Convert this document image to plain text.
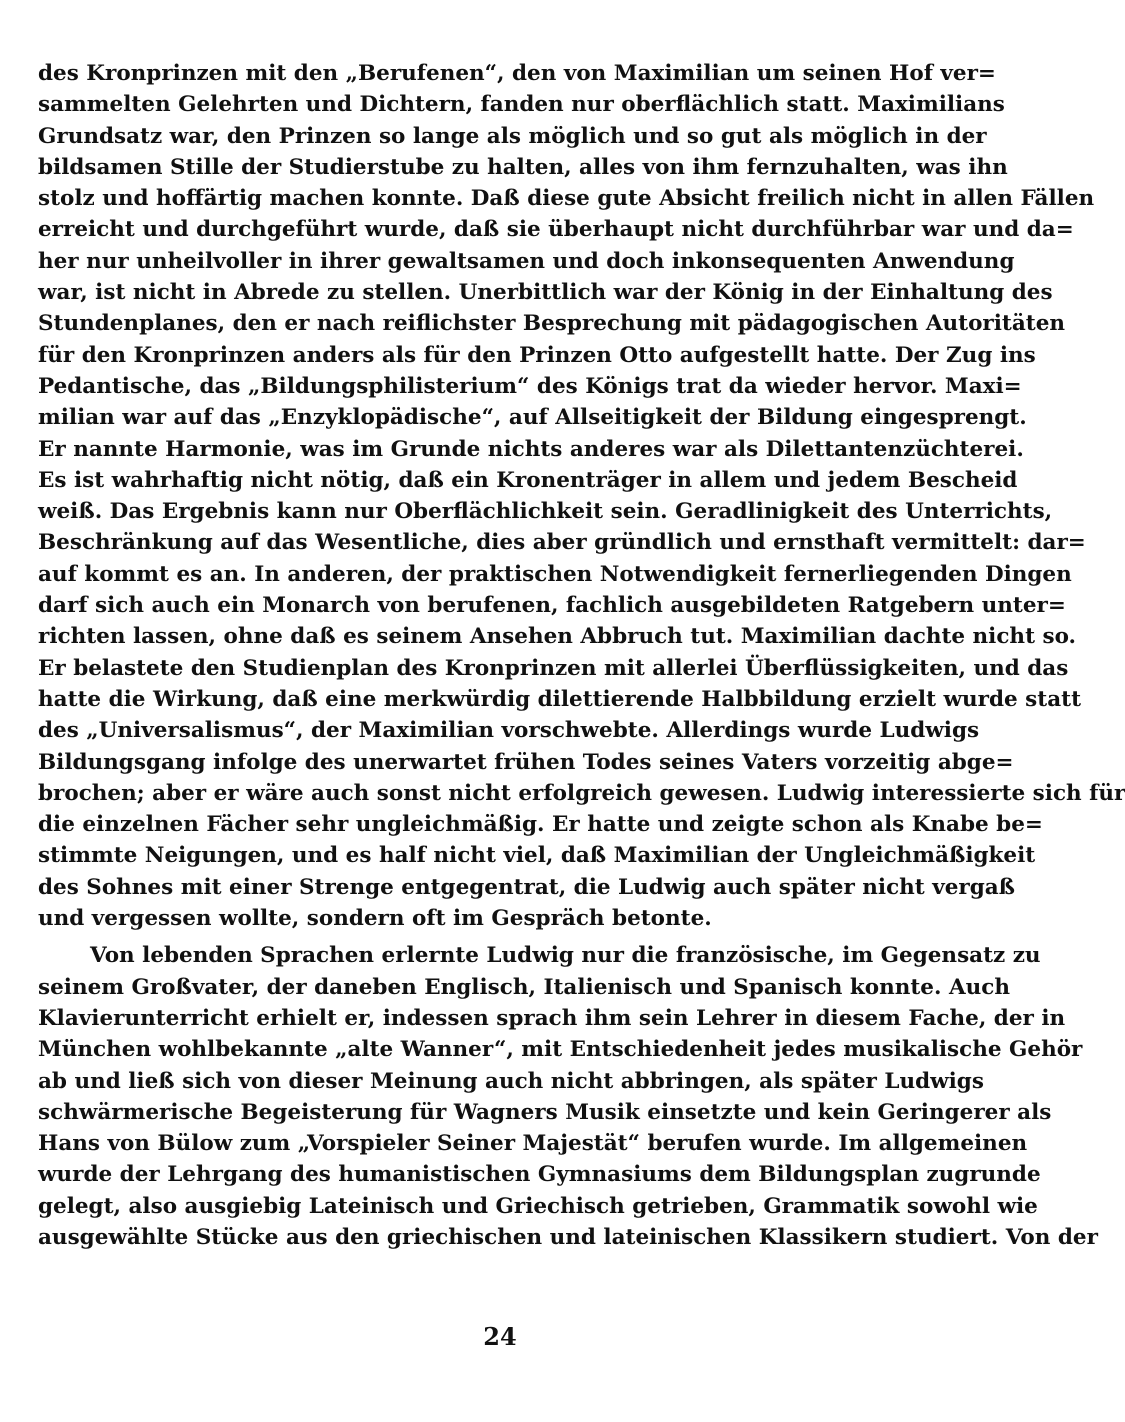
des Kronprinzen mit den „Berufenen“, den von Maximilian um seinen Hof ver=
sammelten Gelehrten und Dichtern, fanden nur oberflächlich statt. Maximilians
Grundsatz war, den Prinzen so lange als möglich und so gut als möglich in der
bildsamen Stille der Studierstube zu halten, alles von ihm fernzuhalten, was ihn
stolz und hoffärtig machen konnte. Daß diese gute Absicht freilich nicht in allen Fällen
erreicht und durchgeführt wurde, daß sie überhaupt nicht durchführbar war und da=
her nur unheilvoller in ihrer gewaltsamen und doch inkonsequenten Anwendung
war, ist nicht in Abrede zu stellen. Unerbittlich war der König in der Einhaltung des
Stundenplanes, den er nach reiflichster Besprechung mit pädagogischen Autoritäten
für den Kronprinzen anders als für den Prinzen Otto aufgestellt hatte. Der Zug ins
Pedantische, das „Bildungsphilisterium“ des Königs trat da wieder hervor. Maxi=
milian war auf das „Enzyklopädische“, auf Allseitigkeit der Bildung eingesprengt.
Er nannte Harmonie, was im Grunde nichts anderes war als Dilettantenzüchterei.
Es ist wahrhaftig nicht nötig, daß ein Kronenträger in allem und jedem Bescheid
weiß. Das Ergebnis kann nur Oberflächlichkeit sein. Geradlinigkeit des Unterrichts,
Beschränkung auf das Wesentliche, dies aber gründlich und ernsthaft vermittelt: dar=
auf kommt es an. In anderen, der praktischen Notwendigkeit fernerliegenden Dingen
darf sich auch ein Monarch von berufenen, fachlich ausgebildeten Ratgebern unter=
richten lassen, ohne daß es seinem Ansehen Abbruch tut. Maximilian dachte nicht so.
Er belastete den Studienplan des Kronprinzen mit allerlei Überflüssigkeiten, und das
hatte die Wirkung, daß eine merkwürdig dilettierende Halbbildung erzielt wurde statt
des „Universalismus“, der Maximilian vorschwebte. Allerdings wurde Ludwigs
Bildungsgang infolge des unerwartet frühen Todes seines Vaters vorzeitig abge=
brochen; aber er wäre auch sonst nicht erfolgreich gewesen. Ludwig interessierte sich für
die einzelnen Fächer sehr ungleichmäßig. Er hatte und zeigte schon als Knabe be=
stimmte Neigungen, und es half nicht viel, daß Maximilian der Ungleichmäßigkeit
des Sohnes mit einer Strenge entgegentrat, die Ludwig auch später nicht vergaß
und vergessen wollte, sondern oft im Gespräch betonte.
Von lebenden Sprachen erlernte Ludwig nur die französische, im Gegensatz zu
seinem Großvater, der daneben Englisch, Italienisch und Spanisch konnte. Auch
Klavierunterricht erhielt er, indessen sprach ihm sein Lehrer in diesem Fache, der in
München wohlbekannte „alte Wanner“, mit Entschiedenheit jedes musikalische Gehör
ab und ließ sich von dieser Meinung auch nicht abbringen, als später Ludwigs
schwärmerische Begeisterung für Wagners Musik einsetzte und kein Geringerer als
Hans von Bülow zum „Vorspieler Seiner Majestät“ berufen wurde. Im allgemeinen
wurde der Lehrgang des humanistischen Gymnasiums dem Bildungsplan zugrunde
gelegt, also ausgiebig Lateinisch und Griechisch getrieben, Grammatik sowohl wie
ausgewählte Stücke aus den griechischen und lateinischen Klassikern studiert. Von der
24
